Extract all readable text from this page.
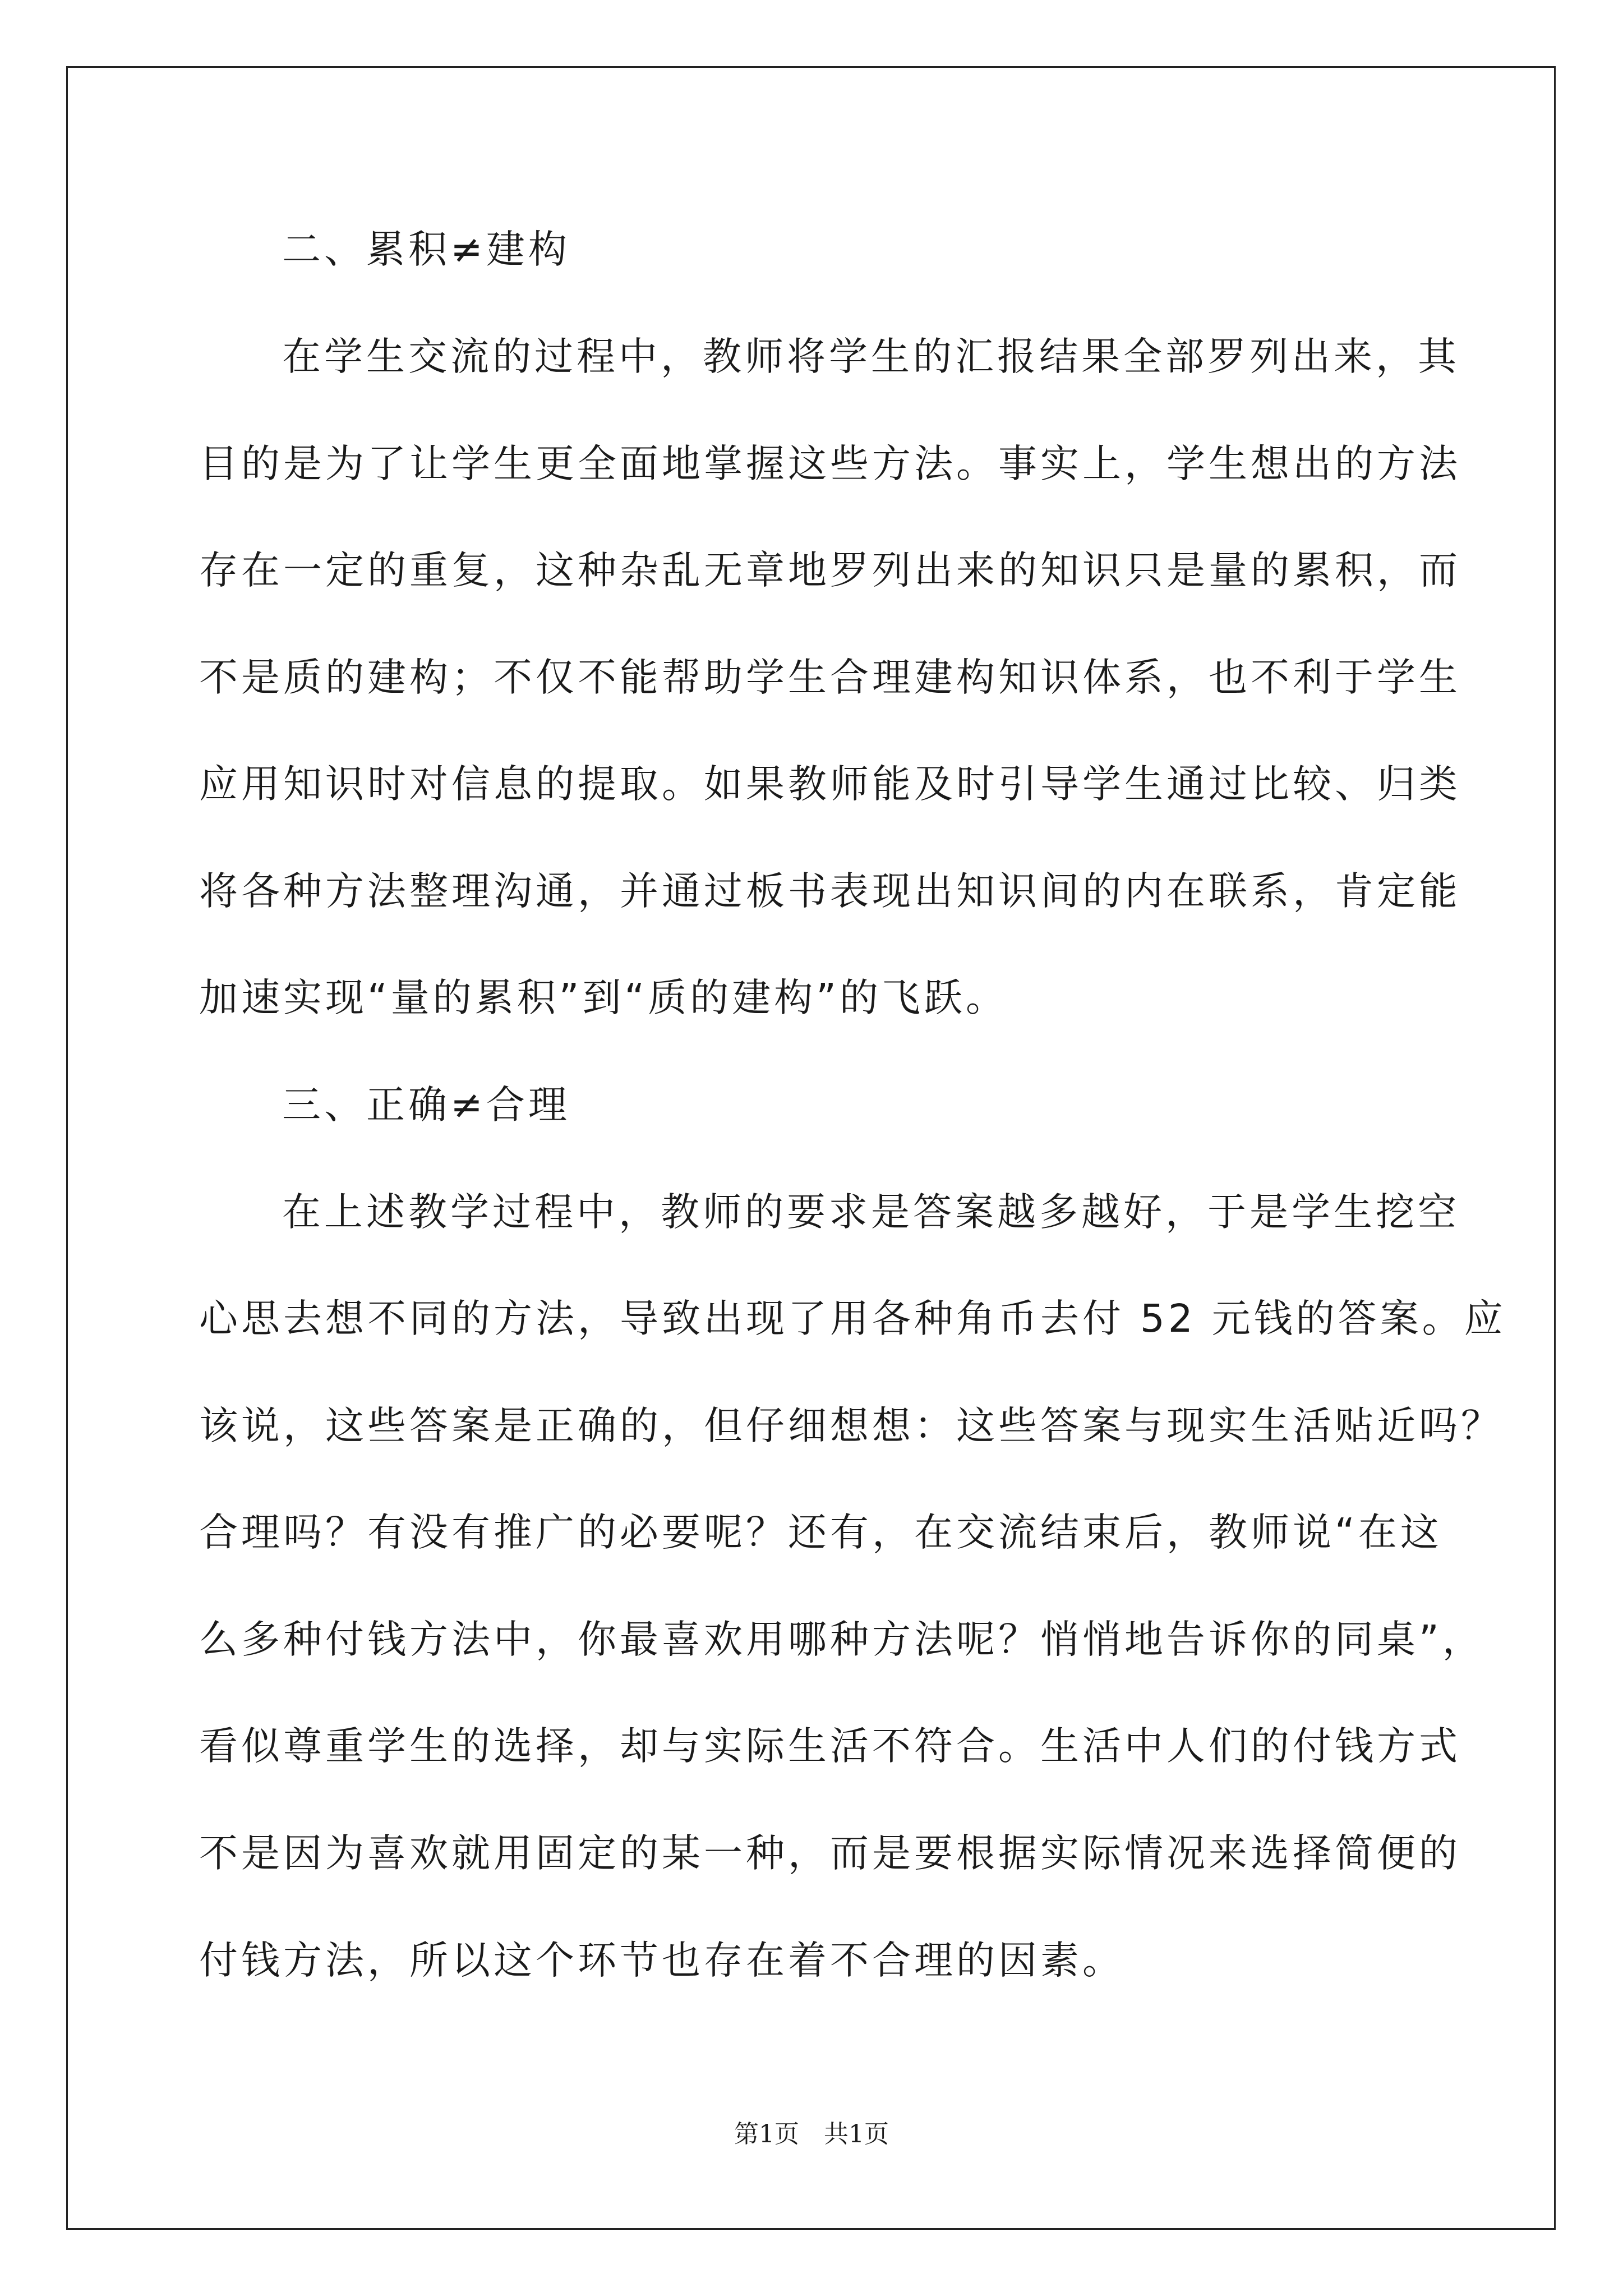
二、累积≠建构
在学生交流的过程中，教师将学生的汇报结果全部罗列出来，其
目的是为了让学生更全面地掌握这些方法。事实上，学生想出的方法
存在一定的重复，这种杂乱无章地罗列出来的知识只是量的累积，而
不是质的建构；不仅不能帮助学生合理建构知识体系，也不利于学生
应用知识时对信息的提取。如果教师能及时引导学生通过比较、归类
将各种方法整理沟通，并通过板书表现出知识间的内在联系，肯定能
加速实现“量的累积”到“质的建构”的飞跃。
三、正确≠合理
在上述教学过程中，教师的要求是答案越多越好，于是学生挖空
心思去想不同的方法，导致出现了用各种角币去付 52 元钱的答案。应
该说，这些答案是正确的，但仔细想想：这些答案与现实生活贴近吗？
合理吗？有没有推广的必要呢？还有，在交流结束后，教师说“在这
么多种付钱方法中，你最喜欢用哪种方法呢？悄悄地告诉你的同桌”，
看似尊重学生的选择，却与实际生活不符合。生活中人们的付钱方式
不是因为喜欢就用固定的某一种，而是要根据实际情况来选择简便的
付钱方法，所以这个环节也存在着不合理的因素。
第1页　共1页
